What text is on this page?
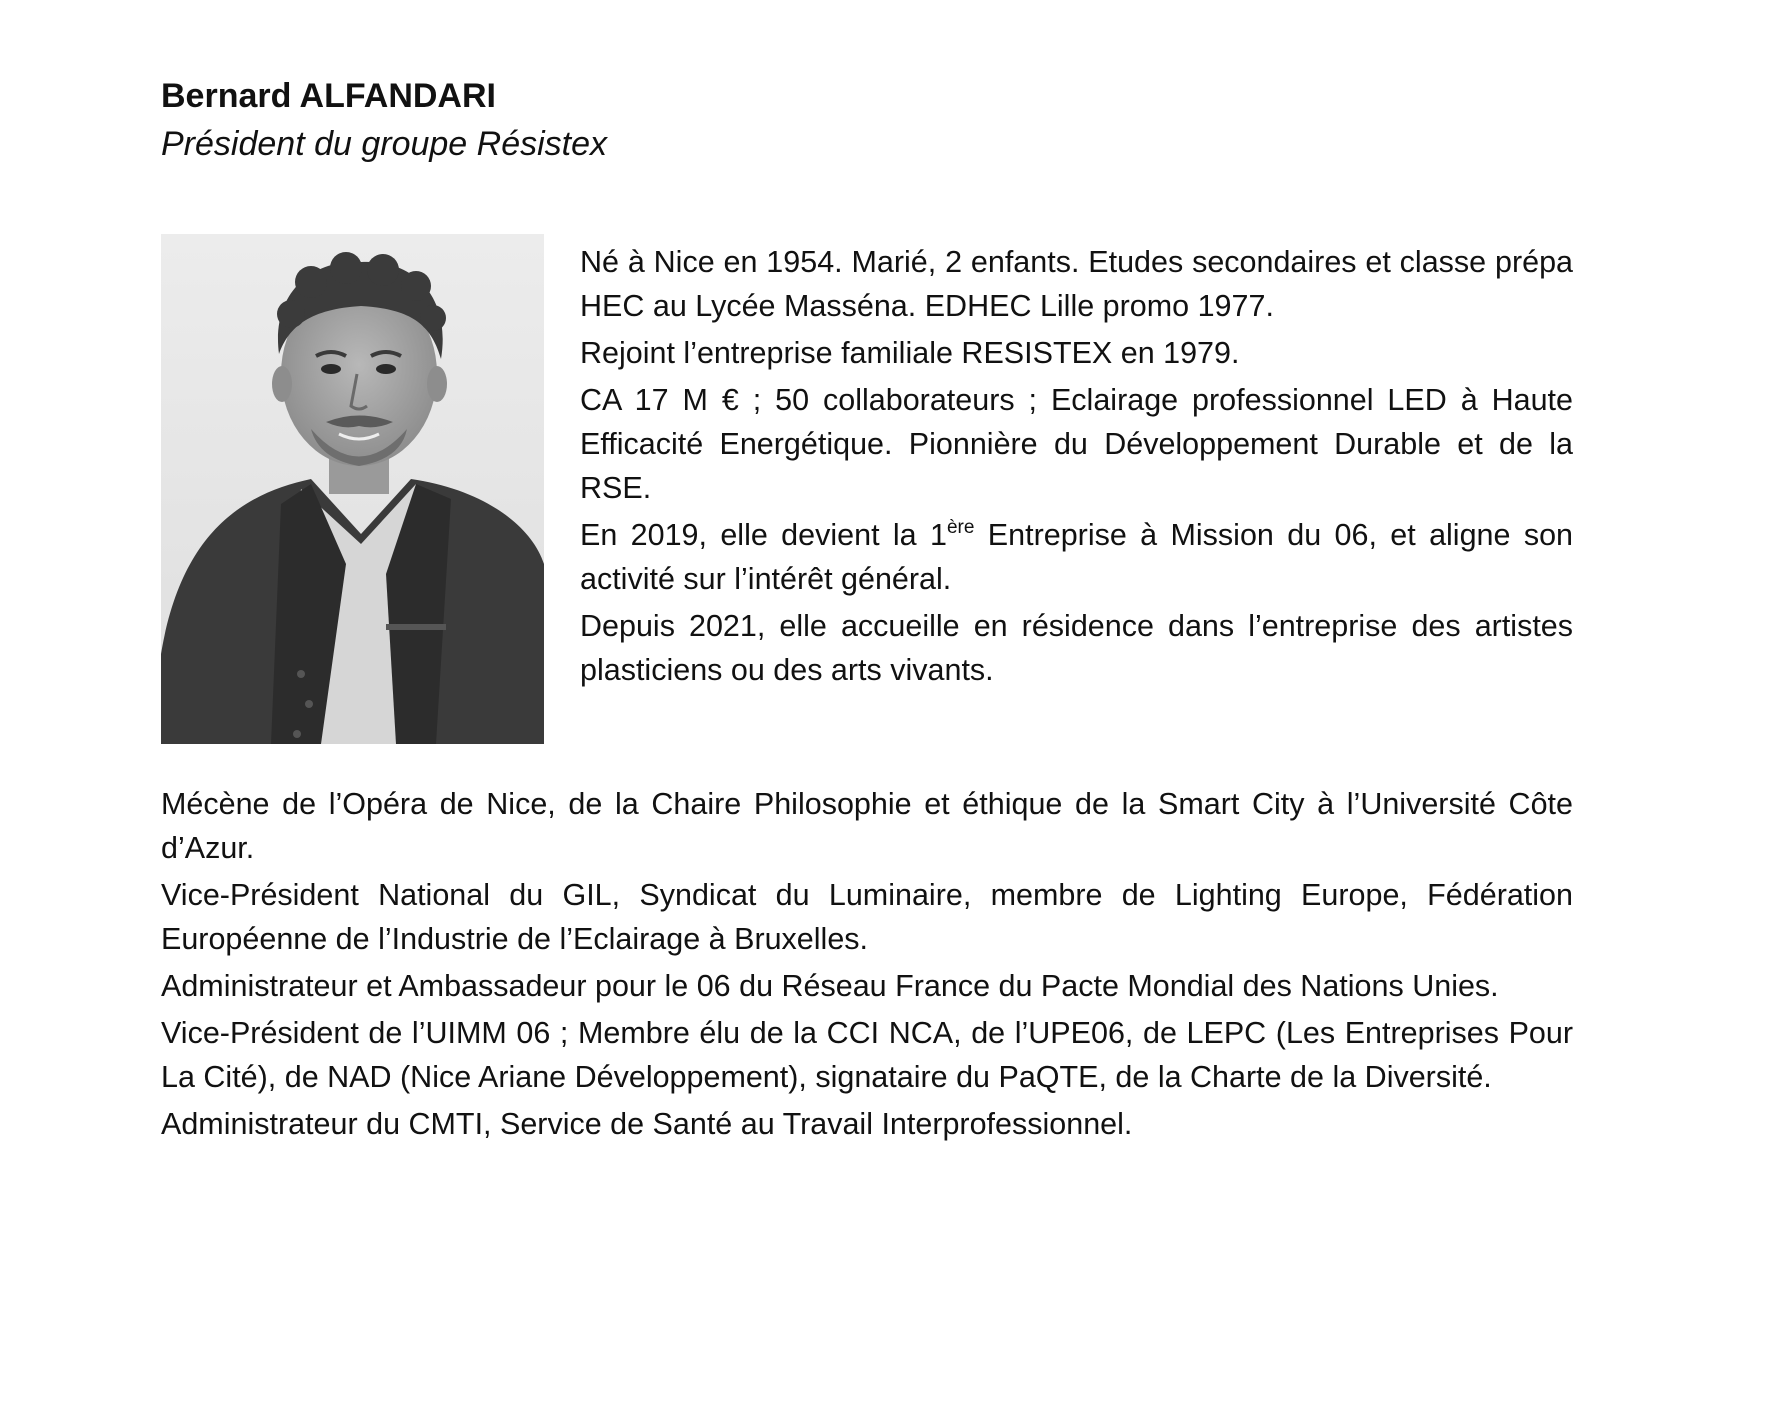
Bernard ALFANDARI
Président du groupe Résistex

Né à Nice en 1954. Marié, 2 enfants. Etudes secondaires et classe prépa HEC au Lycée Masséna. EDHEC Lille promo 1977.

Rejoint l’entreprise familiale RESISTEX en 1979.

CA 17 M € ; 50 collaborateurs ; Eclairage professionnel LED à Haute Efficacité Energétique. Pionnière du Développement Durable et de la RSE.

En 2019, elle devient la 1ère Entreprise à Mission du 06, et aligne son activité sur l’intérêt général.

Depuis 2021, elle accueille en résidence dans l’entreprise des artistes plasticiens ou des arts vivants.

Mécène de l’Opéra de Nice, de la Chaire Philosophie et éthique de la Smart City à l’Université Côte d’Azur.

Vice-Président National du GIL, Syndicat du Luminaire, membre de Lighting Europe, Fédération Européenne de l’Industrie de l’Eclairage à Bruxelles.

Administrateur et Ambassadeur pour le 06 du Réseau France du Pacte Mondial des Nations Unies.

Vice-Président de l’UIMM 06 ; Membre élu de la CCI NCA, de l’UPE06, de LEPC (Les Entreprises Pour La Cité), de NAD (Nice Ariane Développement), signataire du PaQTE, de la Charte de la Diversité.

Administrateur du CMTI, Service de Santé au Travail Interprofessionnel.
